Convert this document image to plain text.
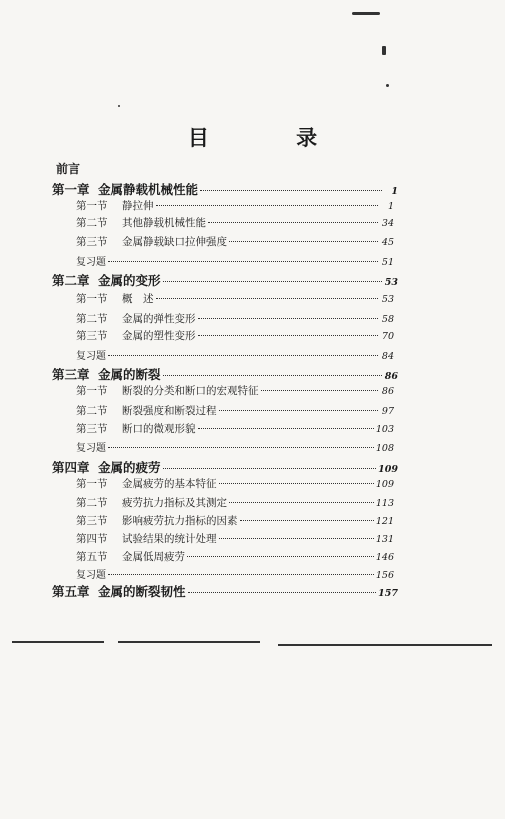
目 录
前言
第一章 金属静载机械性能	1
第一节	静拉伸	1
第二节	其他静载机械性能	34
第三节	金属静载缺口拉伸强度	45
复习题	51
第二章 金属的变形	53
第一节	概　述	53
第二节	金属的弹性变形	58
第三节	金属的塑性变形	70
复习题	84
第三章 金属的断裂	86
第一节	断裂的分类和断口的宏观特征	86
第二节	断裂强度和断裂过程	97
第三节	断口的微观形貌	103
复习题	108
第四章 金属的疲劳	109
第一节	金属疲劳的基本特征	109
第二节	疲劳抗力指标及其测定	113
第三节	影响疲劳抗力指标的因素	121
第四节	试验结果的统计处理	131
第五节	金属低周疲劳	146
复习题	156
第五章 金属的断裂韧性	157
